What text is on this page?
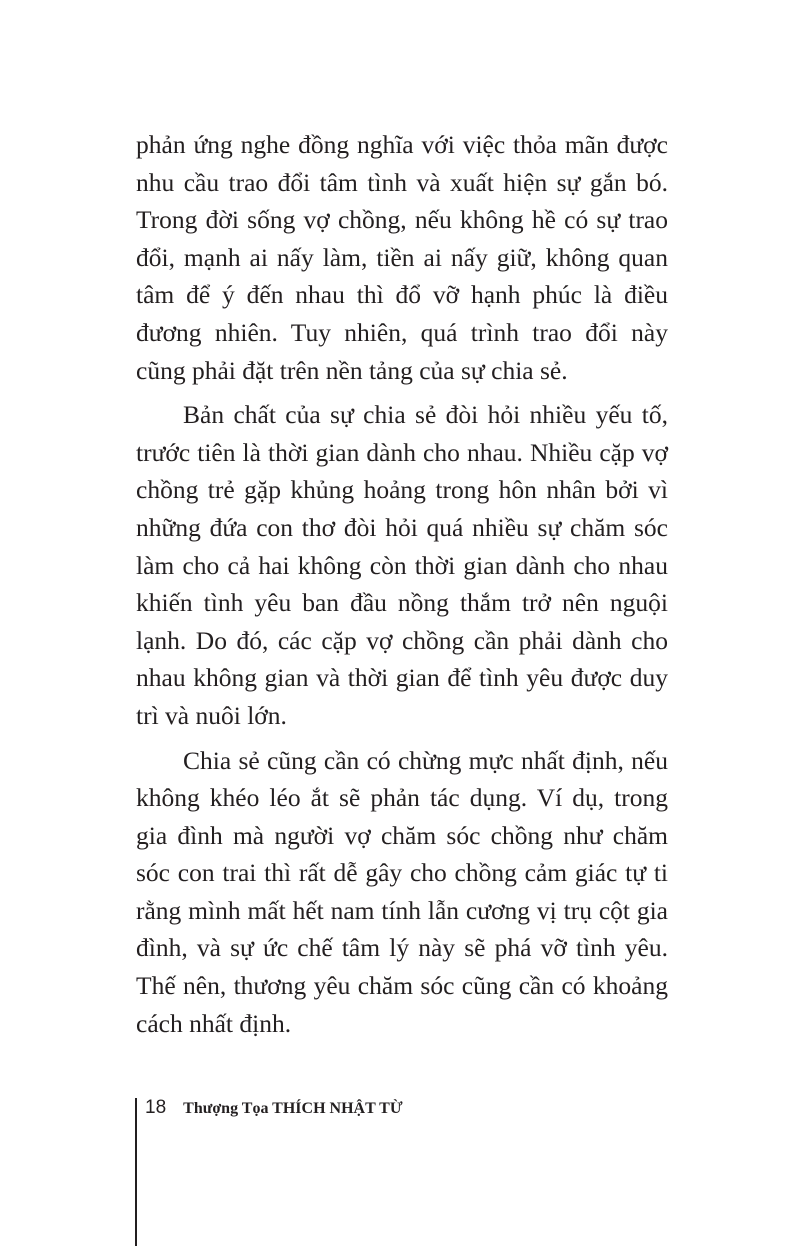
phản ứng nghe đồng nghĩa với việc thỏa mãn được nhu cầu trao đổi tâm tình và xuất hiện sự gắn bó. Trong đời sống vợ chồng, nếu không hề có sự trao đổi, mạnh ai nấy làm, tiền ai nấy giữ, không quan tâm để ý đến nhau thì đổ vỡ hạnh phúc là điều đương nhiên. Tuy nhiên, quá trình trao đổi này cũng phải đặt trên nền tảng của sự chia sẻ.

Bản chất của sự chia sẻ đòi hỏi nhiều yếu tố, trước tiên là thời gian dành cho nhau. Nhiều cặp vợ chồng trẻ gặp khủng hoảng trong hôn nhân bởi vì những đứa con thơ đòi hỏi quá nhiều sự chăm sóc làm cho cả hai không còn thời gian dành cho nhau khiến tình yêu ban đầu nồng thắm trở nên nguội lạnh. Do đó, các cặp vợ chồng cần phải dành cho nhau không gian và thời gian để tình yêu được duy trì và nuôi lớn.

Chia sẻ cũng cần có chừng mực nhất định, nếu không khéo léo ắt sẽ phản tác dụng. Ví dụ, trong gia đình mà người vợ chăm sóc chồng như chăm sóc con trai thì rất dễ gây cho chồng cảm giác tự ti rằng mình mất hết nam tính lẫn cương vị trụ cột gia đình, và sự ức chế tâm lý này sẽ phá vỡ tình yêu. Thế nên, thương yêu chăm sóc cũng cần có khoảng cách nhất định.

18 Thượng Tọa THÍCH NHẬT TỪ
